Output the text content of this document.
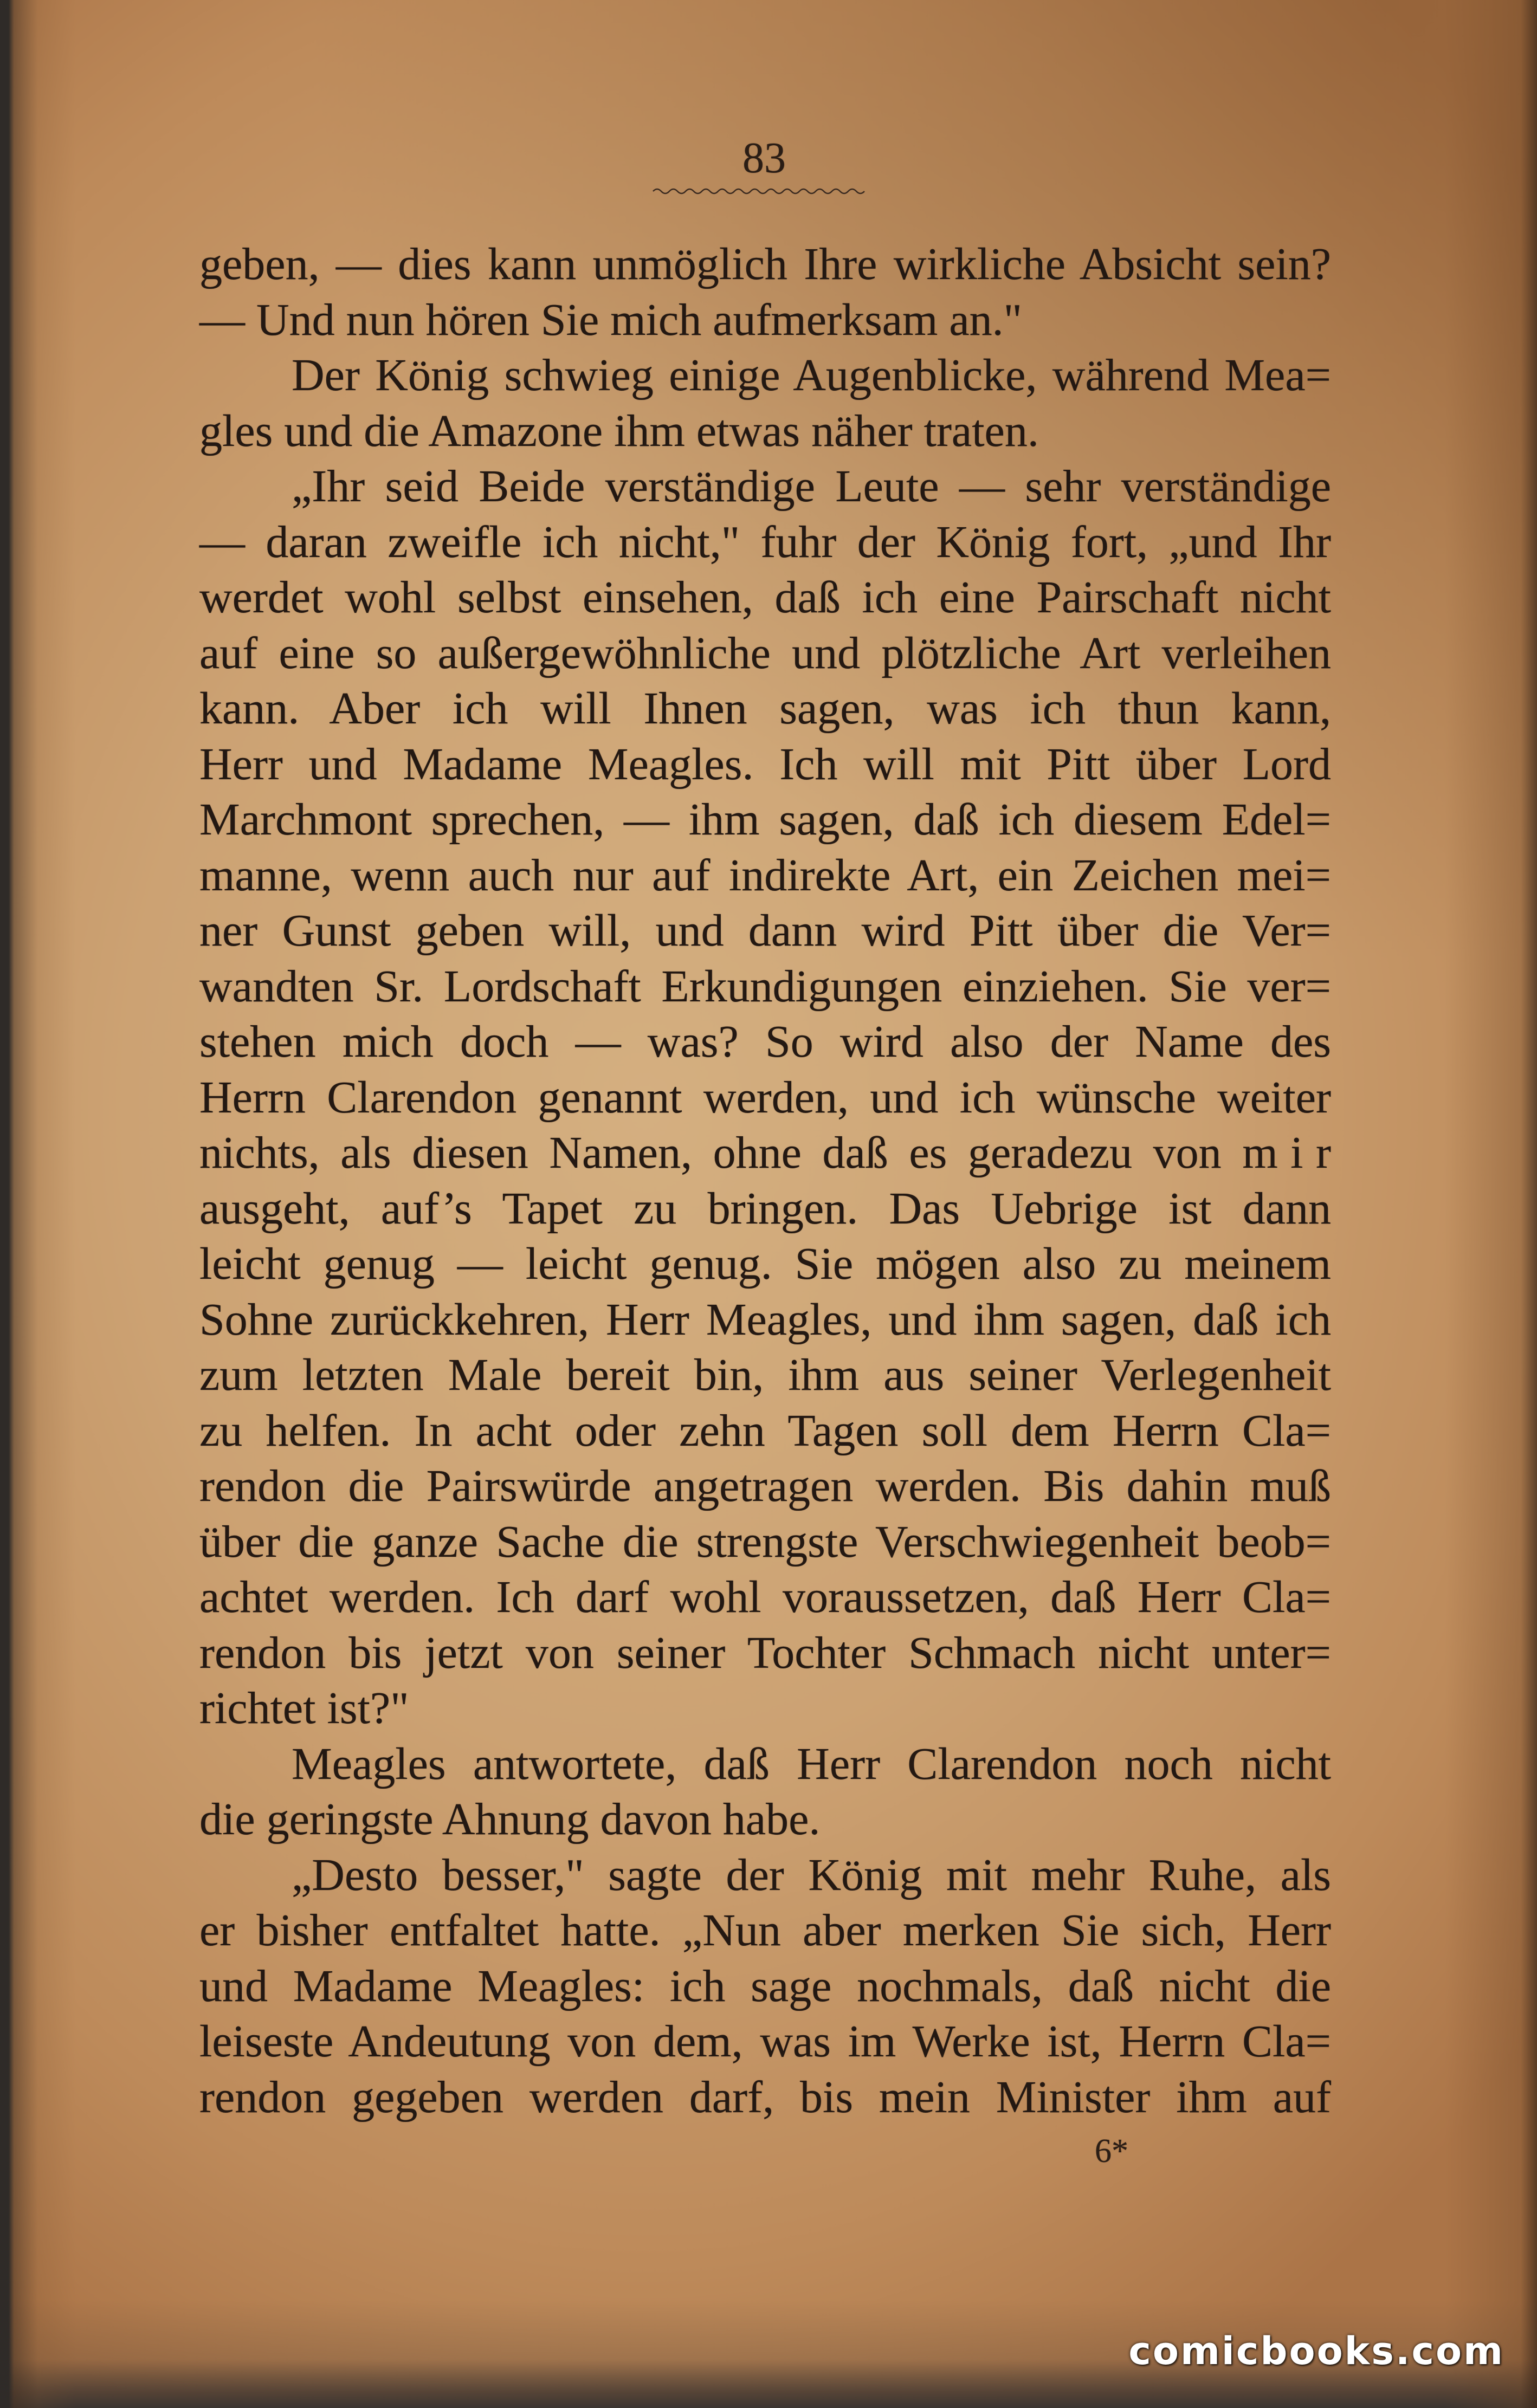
83
geben, — dies kann unmöglich Ihre wirkliche Absicht sein?
— Und nun hören Sie mich aufmerksam an."
Der König schwieg einige Augenblicke, während Mea=
gles und die Amazone ihm etwas näher traten.
„Ihr seid Beide verständige Leute — sehr verständige
— daran zweifle ich nicht," fuhr der König fort, „und Ihr
werdet wohl selbst einsehen, daß ich eine Pairschaft nicht
auf eine so außergewöhnliche und plötzliche Art verleihen
kann. Aber ich will Ihnen sagen, was ich thun kann,
Herr und Madame Meagles. Ich will mit Pitt über Lord
Marchmont sprechen, — ihm sagen, daß ich diesem Edel=
manne, wenn auch nur auf indirekte Art, ein Zeichen mei=
ner Gunst geben will, und dann wird Pitt über die Ver=
wandten Sr. Lordschaft Erkundigungen einziehen. Sie ver=
stehen mich doch — was? So wird also der Name des
Herrn Clarendon genannt werden, und ich wünsche weiter
nichts, als diesen Namen, ohne daß es geradezu von mir
ausgeht, auf’s Tapet zu bringen. Das Uebrige ist dann
leicht genug — leicht genug. Sie mögen also zu meinem
Sohne zurückkehren, Herr Meagles, und ihm sagen, daß ich
zum letzten Male bereit bin, ihm aus seiner Verlegenheit
zu helfen. In acht oder zehn Tagen soll dem Herrn Cla=
rendon die Pairswürde angetragen werden. Bis dahin muß
über die ganze Sache die strengste Verschwiegenheit beob=
achtet werden. Ich darf wohl voraussetzen, daß Herr Cla=
rendon bis jetzt von seiner Tochter Schmach nicht unter=
richtet ist?"
Meagles antwortete, daß Herr Clarendon noch nicht
die geringste Ahnung davon habe.
„Desto besser," sagte der König mit mehr Ruhe, als
er bisher entfaltet hatte. „Nun aber merken Sie sich, Herr
und Madame Meagles: ich sage nochmals, daß nicht die
leiseste Andeutung von dem, was im Werke ist, Herrn Cla=
rendon gegeben werden darf, bis mein Minister ihm auf
6*
comicbooks.com
